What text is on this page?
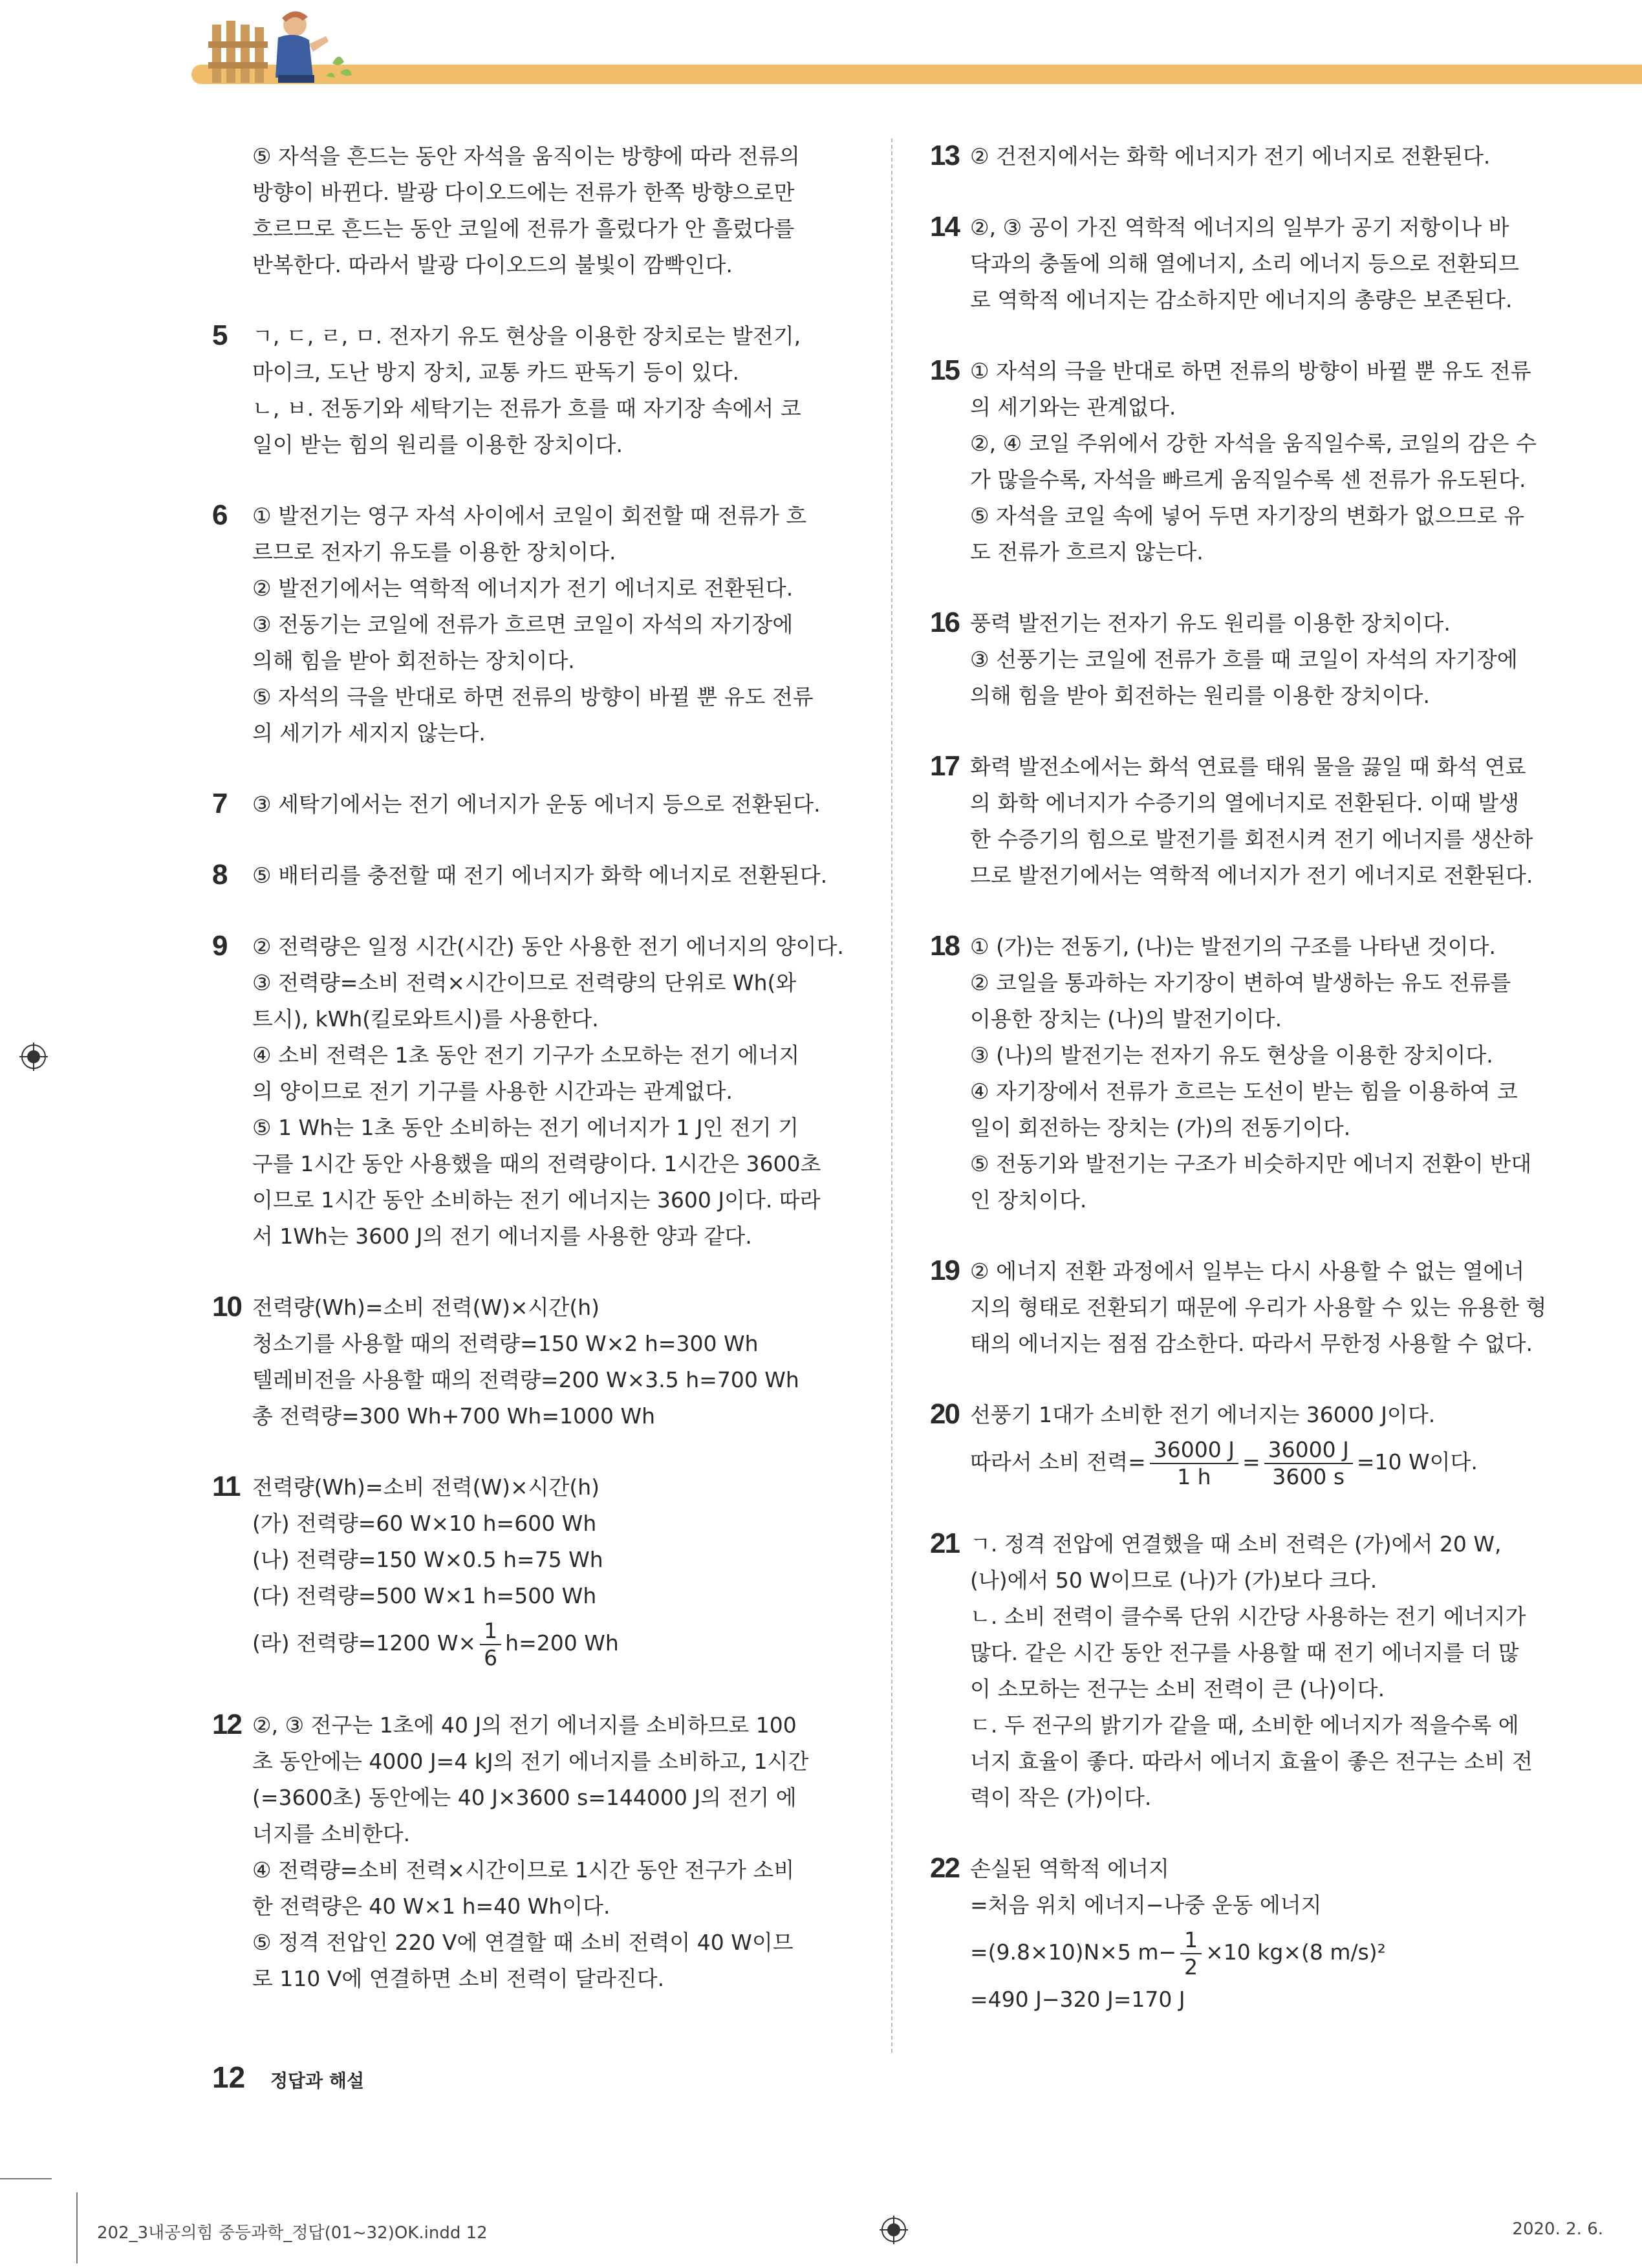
⑤ 자석을 흔드는 동안 자석을 움직이는 방향에 따라 전류의
방향이 바뀐다. 발광 다이오드에는 전류가 한쪽 방향으로만
흐르므로 흔드는 동안 코일에 전류가 흘렀다가 안 흘렀다를
반복한다. 따라서 발광 다이오드의 불빛이 깜빡인다.
5 ㄱ, ㄷ, ㄹ, ㅁ. 전자기 유도 현상을 이용한 장치로는 발전기,
마이크, 도난 방지 장치, 교통 카드 판독기 등이 있다.
ㄴ, ㅂ. 전동기와 세탁기는 전류가 흐를 때 자기장 속에서 코
일이 받는 힘의 원리를 이용한 장치이다.
6 ① 발전기는 영구 자석 사이에서 코일이 회전할 때 전류가 흐
르므로 전자기 유도를 이용한 장치이다.
② 발전기에서는 역학적 에너지가 전기 에너지로 전환된다.
③ 전동기는 코일에 전류가 흐르면 코일이 자석의 자기장에
의해 힘을 받아 회전하는 장치이다.
⑤ 자석의 극을 반대로 하면 전류의 방향이 바뀔 뿐 유도 전류
의 세기가 세지지 않는다.
7 ③ 세탁기에서는 전기 에너지가 운동 에너지 등으로 전환된다.
8 ⑤ 배터리를 충전할 때 전기 에너지가 화학 에너지로 전환된다.
9 ② 전력량은 일정 시간(시간) 동안 사용한 전기 에너지의 양이다.
③ 전력량=소비 전력×시간이므로 전력량의 단위로 Wh(와
트시), kWh(킬로와트시)를 사용한다.
④ 소비 전력은 1초 동안 전기 기구가 소모하는 전기 에너지
의 양이므로 전기 기구를 사용한 시간과는 관계없다.
⑤ 1 Wh는 1초 동안 소비하는 전기 에너지가 1 J인 전기 기
구를 1시간 동안 사용했을 때의 전력량이다. 1시간은 3600초
이므로 1시간 동안 소비하는 전기 에너지는 3600 J이다. 따라
서 1Wh는 3600 J의 전기 에너지를 사용한 양과 같다.
10 전력량(Wh)=소비 전력(W)×시간(h)
청소기를 사용할 때의 전력량=150 W×2 h=300 Wh
텔레비전을 사용할 때의 전력량=200 W×3.5 h=700 Wh
총 전력량=300 Wh+700 Wh=1000 Wh
11 전력량(Wh)=소비 전력(W)×시간(h)
(가) 전력량=60 W×10 h=600 Wh
(나) 전력량=150 W×0.5 h=75 Wh
(다) 전력량=500 W×1 h=500 Wh
(라) 전력량=1200 $W\times \frac{1}{6} h=200$ Wh
12 ②, ③ 전구는 1초에 40 J의 전기 에너지를 소비하므로 100
초 동안에는 4000 J=4 kJ의 전기 에너지를 소비하고, 1시간
(=3600초) 동안에는 40 J×3600 s=144000 J의 전기 에
너지를 소비한다.
④ 전력량=소비 전력×시간이므로 1시간 동안 전구가 소비
한 전력량은 40 W×1 h=40 Wh이다.
⑤ 정격 전압인 220 V에 연결할 때 소비 전력이 40 W이므
로 110 V에 연결하면 소비 전력이 달라진다.
13 ② 건전지에서는 화학 에너지가 전기 에너지로 전환된다.
14 ②, ③ 공이 가진 역학적 에너지의 일부가 공기 저항이나 바
닥과의 충돌에 의해 열에너지, 소리 에너지 등으로 전환되므
로 역학적 에너지는 감소하지만 에너지의 총량은 보존된다.
15 ① 자석의 극을 반대로 하면 전류의 방향이 바뀔 뿐 유도 전류
의 세기와는 관계없다.
②, ④ 코일 주위에서 강한 자석을 움직일수록, 코일의 감은 수
가 많을수록, 자석을 빠르게 움직일수록 센 전류가 유도된다.
⑤ 자석을 코일 속에 넣어 두면 자기장의 변화가 없으므로 유
도 전류가 흐르지 않는다.
16 풍력 발전기는 전자기 유도 원리를 이용한 장치이다.
③ 선풍기는 코일에 전류가 흐를 때 코일이 자석의 자기장에
의해 힘을 받아 회전하는 원리를 이용한 장치이다.
17 화력 발전소에서는 화석 연료를 태워 물을 끓일 때 화석 연료
의 화학 에너지가 수증기의 열에너지로 전환된다. 이때 발생
한 수증기의 힘으로 발전기를 회전시켜 전기 에너지를 생산하
므로 발전기에서는 역학적 에너지가 전기 에너지로 전환된다.
18 ① (가)는 전동기, (나)는 발전기의 구조를 나타낸 것이다.
② 코일을 통과하는 자기장이 변하여 발생하는 유도 전류를
이용한 장치는 (나)의 발전기이다.
③ (나)의 발전기는 전자기 유도 현상을 이용한 장치이다.
④ 자기장에서 전류가 흐르는 도선이 받는 힘을 이용하여 코
일이 회전하는 장치는 (가)의 전동기이다.
⑤ 전동기와 발전기는 구조가 비슷하지만 에너지 전환이 반대
인 장치이다.
19 ② 에너지 전환 과정에서 일부는 다시 사용할 수 없는 열에너
지의 형태로 전환되기 때문에 우리가 사용할 수 있는 유용한 형
태의 에너지는 점점 감소한다. 따라서 무한정 사용할 수 없다.
20 선풍기 1대가 소비한 전기 에너지는 36000 J이다.
따라서 소비 전력= $\frac{36000 J}{1 h} = \frac{36000 J}{3600 s} =10$ W이다.
21 ㄱ. 정격 전압에 연결했을 때 소비 전력은 (가)에서 20 W,
(나)에서 50 W이므로 (나)가 (가)보다 크다.
ㄴ. 소비 전력이 클수록 단위 시간당 사용하는 전기 에너지가
많다. 같은 시간 동안 전구를 사용할 때 전기 에너지를 더 많
이 소모하는 전구는 소비 전력이 큰 (나)이다.
ㄷ. 두 전구의 밝기가 같을 때, 소비한 에너지가 적을수록 에
너지 효율이 좋다. 따라서 에너지 효율이 좋은 전구는 소비 전
력이 작은 (가)이다.
22 손실된 역학적 에너지
=처음 위치 에너지−나중 운동 에너지
=(9.8×10)N×5 $m- \frac{1}{2} \times 10$ kg×(8 m/s)²
=490 J−320 J=170 J
12 정답과 해설
202_3내공의힘 중등과학_정답(01~32)OK.indd 12	2020. 2. 6.
